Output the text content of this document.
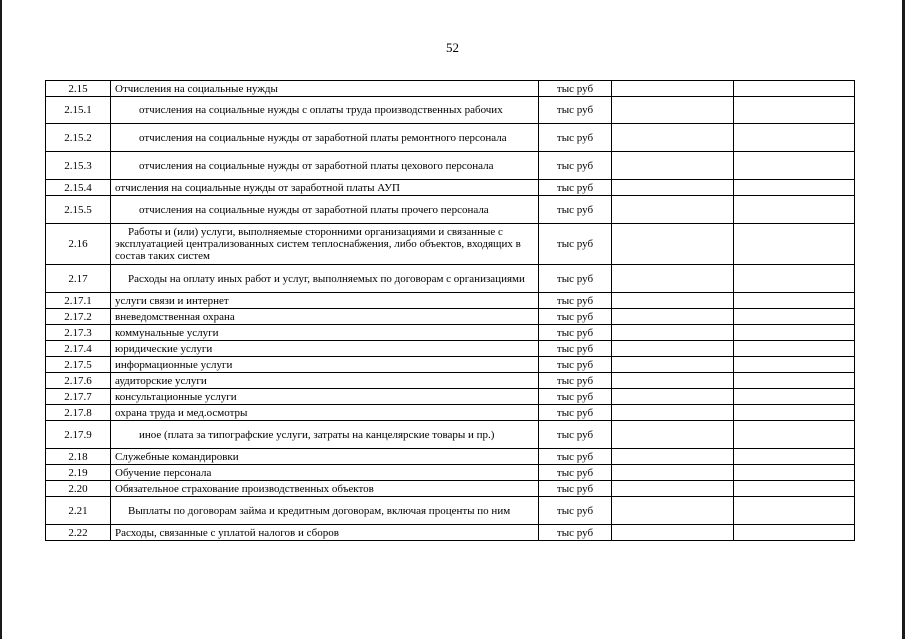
52
2.15	Отчисления на социальные нужды	тыс руб		
2.15.1	отчисления на социальные нужды с оплаты труда производственных рабочих	тыс руб		
2.15.2	отчисления на социальные нужды от заработной платы ремонтного персонала	тыс руб		
2.15.3	отчисления на социальные нужды от заработной платы цехового персонала	тыс руб		
2.15.4	отчисления на социальные нужды от заработной платы АУП	тыс руб		
2.15.5	отчисления на социальные нужды от заработной платы прочего персонала	тыс руб		
2.16	Работы и (или) услуги, выполняемые сторонними организациями и связанные с эксплуатацией централизованных систем теплоснабжения, либо объектов, входящих в состав таких систем	тыс руб		
2.17	Расходы на оплату иных работ и услуг, выполняемых по договорам с организациями	тыс руб		
2.17.1	услуги связи и интернет	тыс руб		
2.17.2	вневедомственная охрана	тыс руб		
2.17.3	коммунальные услуги	тыс руб		
2.17.4	юридические услуги	тыс руб		
2.17.5	информационные услуги	тыс руб		
2.17.6	аудиторские услуги	тыс руб		
2.17.7	консультационные услуги	тыс руб		
2.17.8	охрана труда и мед.осмотры	тыс руб		
2.17.9	иное (плата за типографские услуги, затраты на канцелярские товары и пр.)	тыс руб		
2.18	Служебные командировки	тыс руб		
2.19	Обучение персонала	тыс руб		
2.20	Обязательное страхование производственных объектов	тыс руб		
2.21	Выплаты по договорам займа и кредитным договорам, включая проценты по ним	тыс руб		
2.22	Расходы, связанные с уплатой налогов и сборов	тыс руб		
